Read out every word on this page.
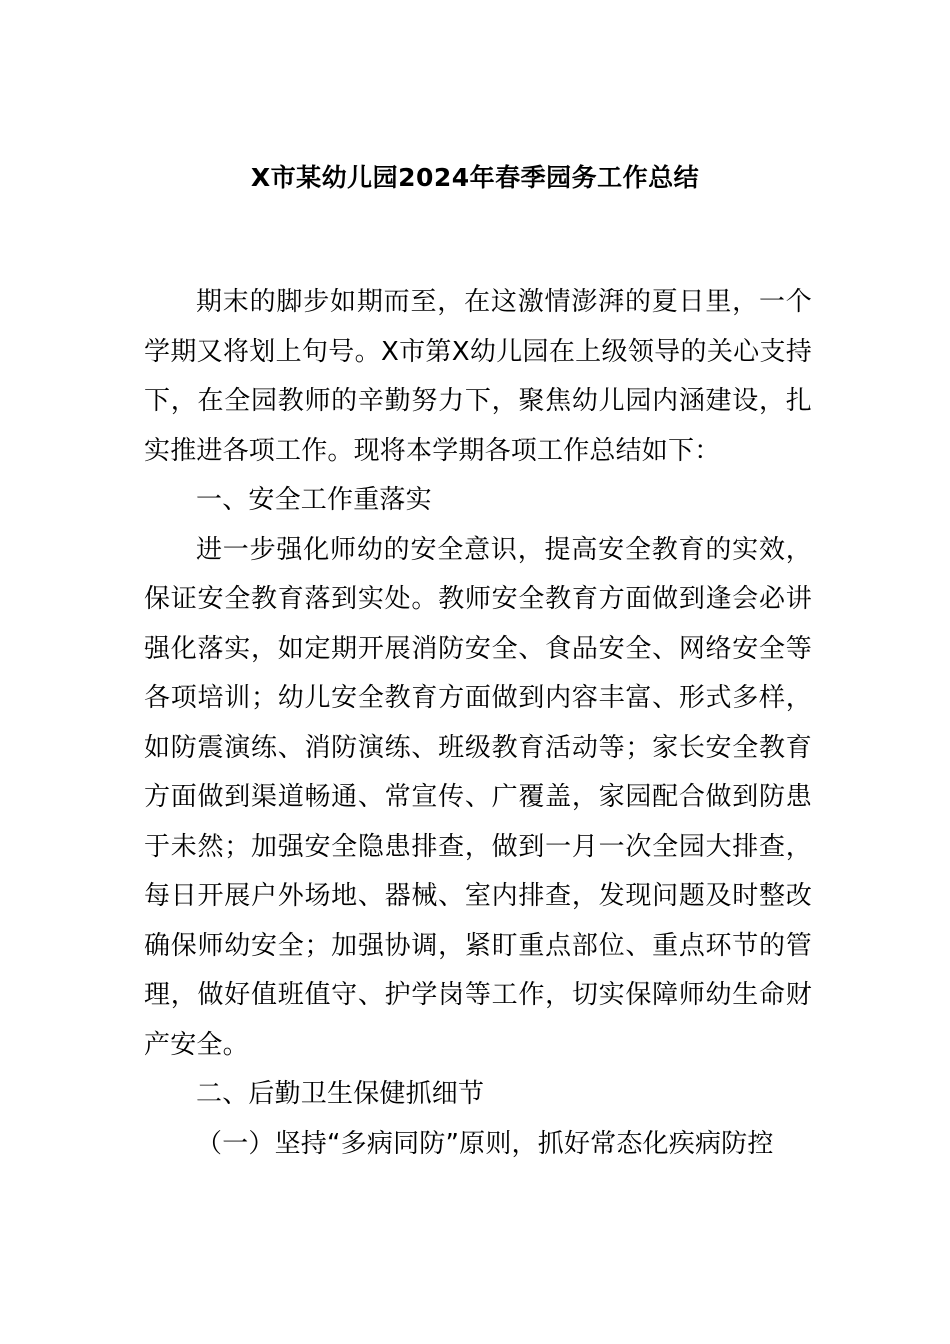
X市某幼儿园2024年春季园务工作总结

期末的脚步如期而至，在这激情澎湃的夏日里，一个学期又将划上句号。X市第X幼儿园在上级领导的关心支持下，在全园教师的辛勤努力下，聚焦幼儿园内涵建设，扎实推进各项工作。现将本学期各项工作总结如下：

一、安全工作重落实

进一步强化师幼的安全意识，提高安全教育的实效，保证安全教育落到实处。教师安全教育方面做到逢会必讲强化落实，如定期开展消防安全、食品安全、网络安全等各项培训；幼儿安全教育方面做到内容丰富、形式多样，如防震演练、消防演练、班级教育活动等；家长安全教育方面做到渠道畅通、常宣传、广覆盖，家园配合做到防患于未然；加强安全隐患排查，做到一月一次全园大排查，每日开展户外场地、器械、室内排查，发现问题及时整改确保师幼安全；加强协调，紧盯重点部位、重点环节的管理，做好值班值守、护学岗等工作，切实保障师幼生命财产安全。

二、后勤卫生保健抓细节

（一）坚持“多病同防”原则，抓好常态化疾病防控
